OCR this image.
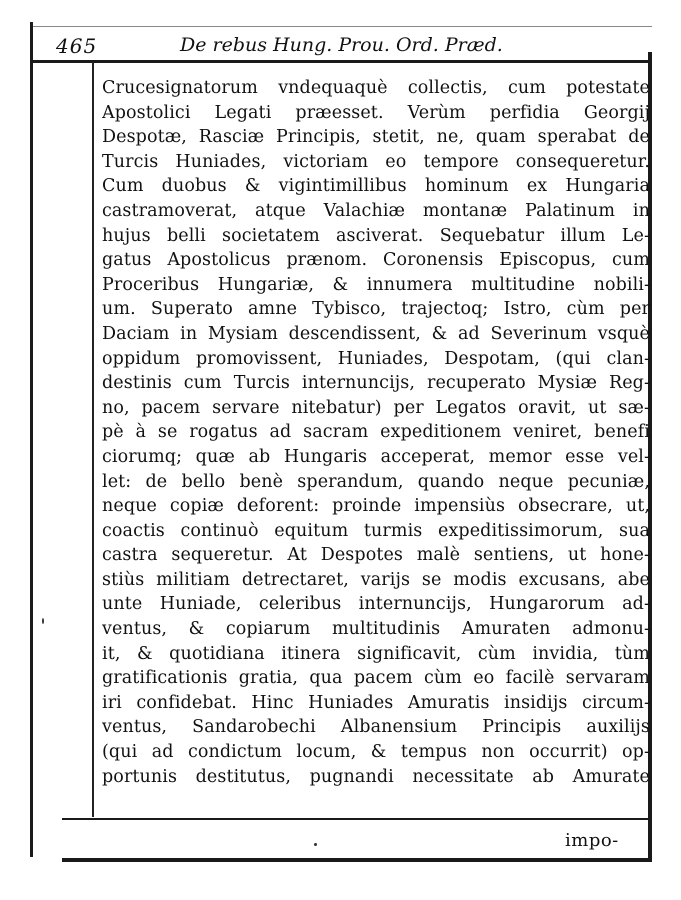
465	De rebus Hung. Prou. Ord. Præd.
Crucesignatorum vndequaquè collectis, cum potestate
Apostolici Legati præesset. Verùm perfidia Georgij
Despotæ, Rasciæ Principis, stetit, ne, quam sperabat de
Turcis Huniades, victoriam eo tempore consequeretur.
Cum duobus & vigintimillibus hominum ex Hungaria
castramoverat, atque Valachiæ montanæ Palatinum in
hujus belli societatem asciverat. Sequebatur illum Le-
gatus Apostolicus prænom. Coronensis Episcopus, cum
Proceribus Hungariæ, & innumera multitudine nobili-
um. Superato amne Tybisco, trajectoq; Istro, cùm per
Daciam in Mysiam descendissent, & ad Severinum vsquè
oppidum promovissent, Huniades, Despotam, (qui clan-
destinis cum Turcis internuncijs, recuperato Mysiæ Reg-
no, pacem servare nitebatur) per Legatos oravit, ut sæ-
pè à se rogatus ad sacram expeditionem veniret, benefi
ciorumq; quæ ab Hungaris acceperat, memor esse vel-
let: de bello benè sperandum, quando neque pecuniæ,
neque copiæ deforent: proinde impensiùs obsecrare, ut,
coactis continuò equitum turmis expeditissimorum, sua
castra sequeretur. At Despotes malè sentiens, ut hone-
stiùs militiam detrectaret, varijs se modis excusans, abe
unte Huniade, celeribus internuncijs, Hungarorum ad-
ventus, & copiarum multitudinis Amuraten admonu-
it, & quotidiana itinera significavit, cùm invidia, tùm
gratificationis gratia, qua pacem cùm eo facilè servaram
iri confidebat. Hinc Huniades Amuratis insidijs circum-
ventus, Sandarobechi Albanensium Principis auxilijs
(qui ad condictum locum, & tempus non occurrit) op-
portunis destitutus, pugnandi necessitate ab Amurate
impo-
